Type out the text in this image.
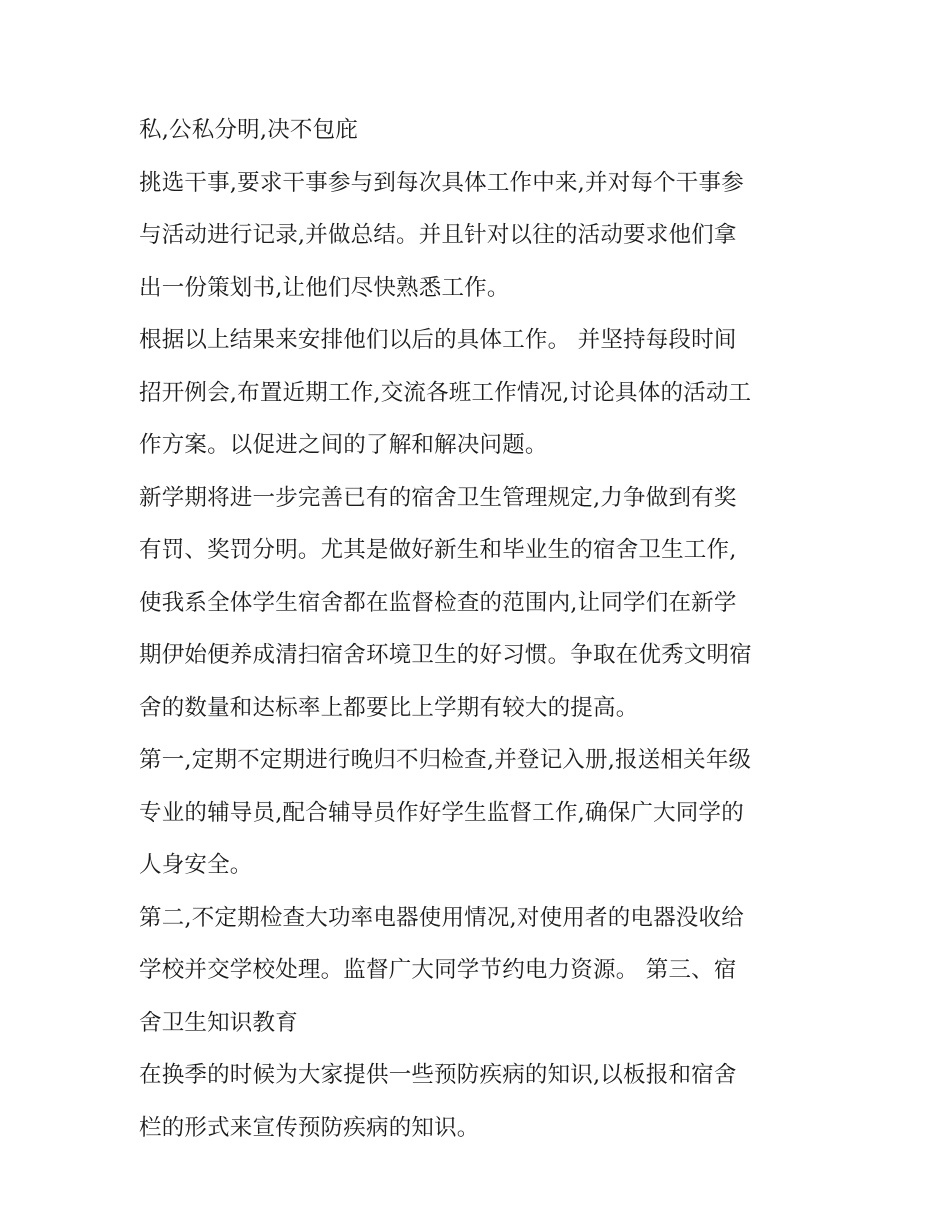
私,公私分明,决不包庇
挑选干事,要求干事参与到每次具体工作中来,并对每个干事参
与活动进行记录,并做总结。并且针对以往的活动要求他们拿
出一份策划书,让他们尽快熟悉工作。
根据以上结果来安排他们以后的具体工作。 并坚持每段时间
招开例会,布置近期工作,交流各班工作情况,讨论具体的活动工
作方案。以促进之间的了解和解决问题。
新学期将进一步完善已有的宿舍卫生管理规定,力争做到有奖
有罚、奖罚分明。尤其是做好新生和毕业生的宿舍卫生工作,
使我系全体学生宿舍都在监督检查的范围内,让同学们在新学
期伊始便养成清扫宿舍环境卫生的好习惯。争取在优秀文明宿
舍的数量和达标率上都要比上学期有较大的提高。
第一,定期不定期进行晚归不归检查,并登记入册,报送相关年级
专业的辅导员,配合辅导员作好学生监督工作,确保广大同学的
人身安全。
第二,不定期检查大功率电器使用情况,对使用者的电器没收给
学校并交学校处理。监督广大同学节约电力资源。 第三、宿
舍卫生知识教育
在换季的时候为大家提供一些预防疾病的知识,以板报和宿舍
栏的形式来宣传预防疾病的知识。
